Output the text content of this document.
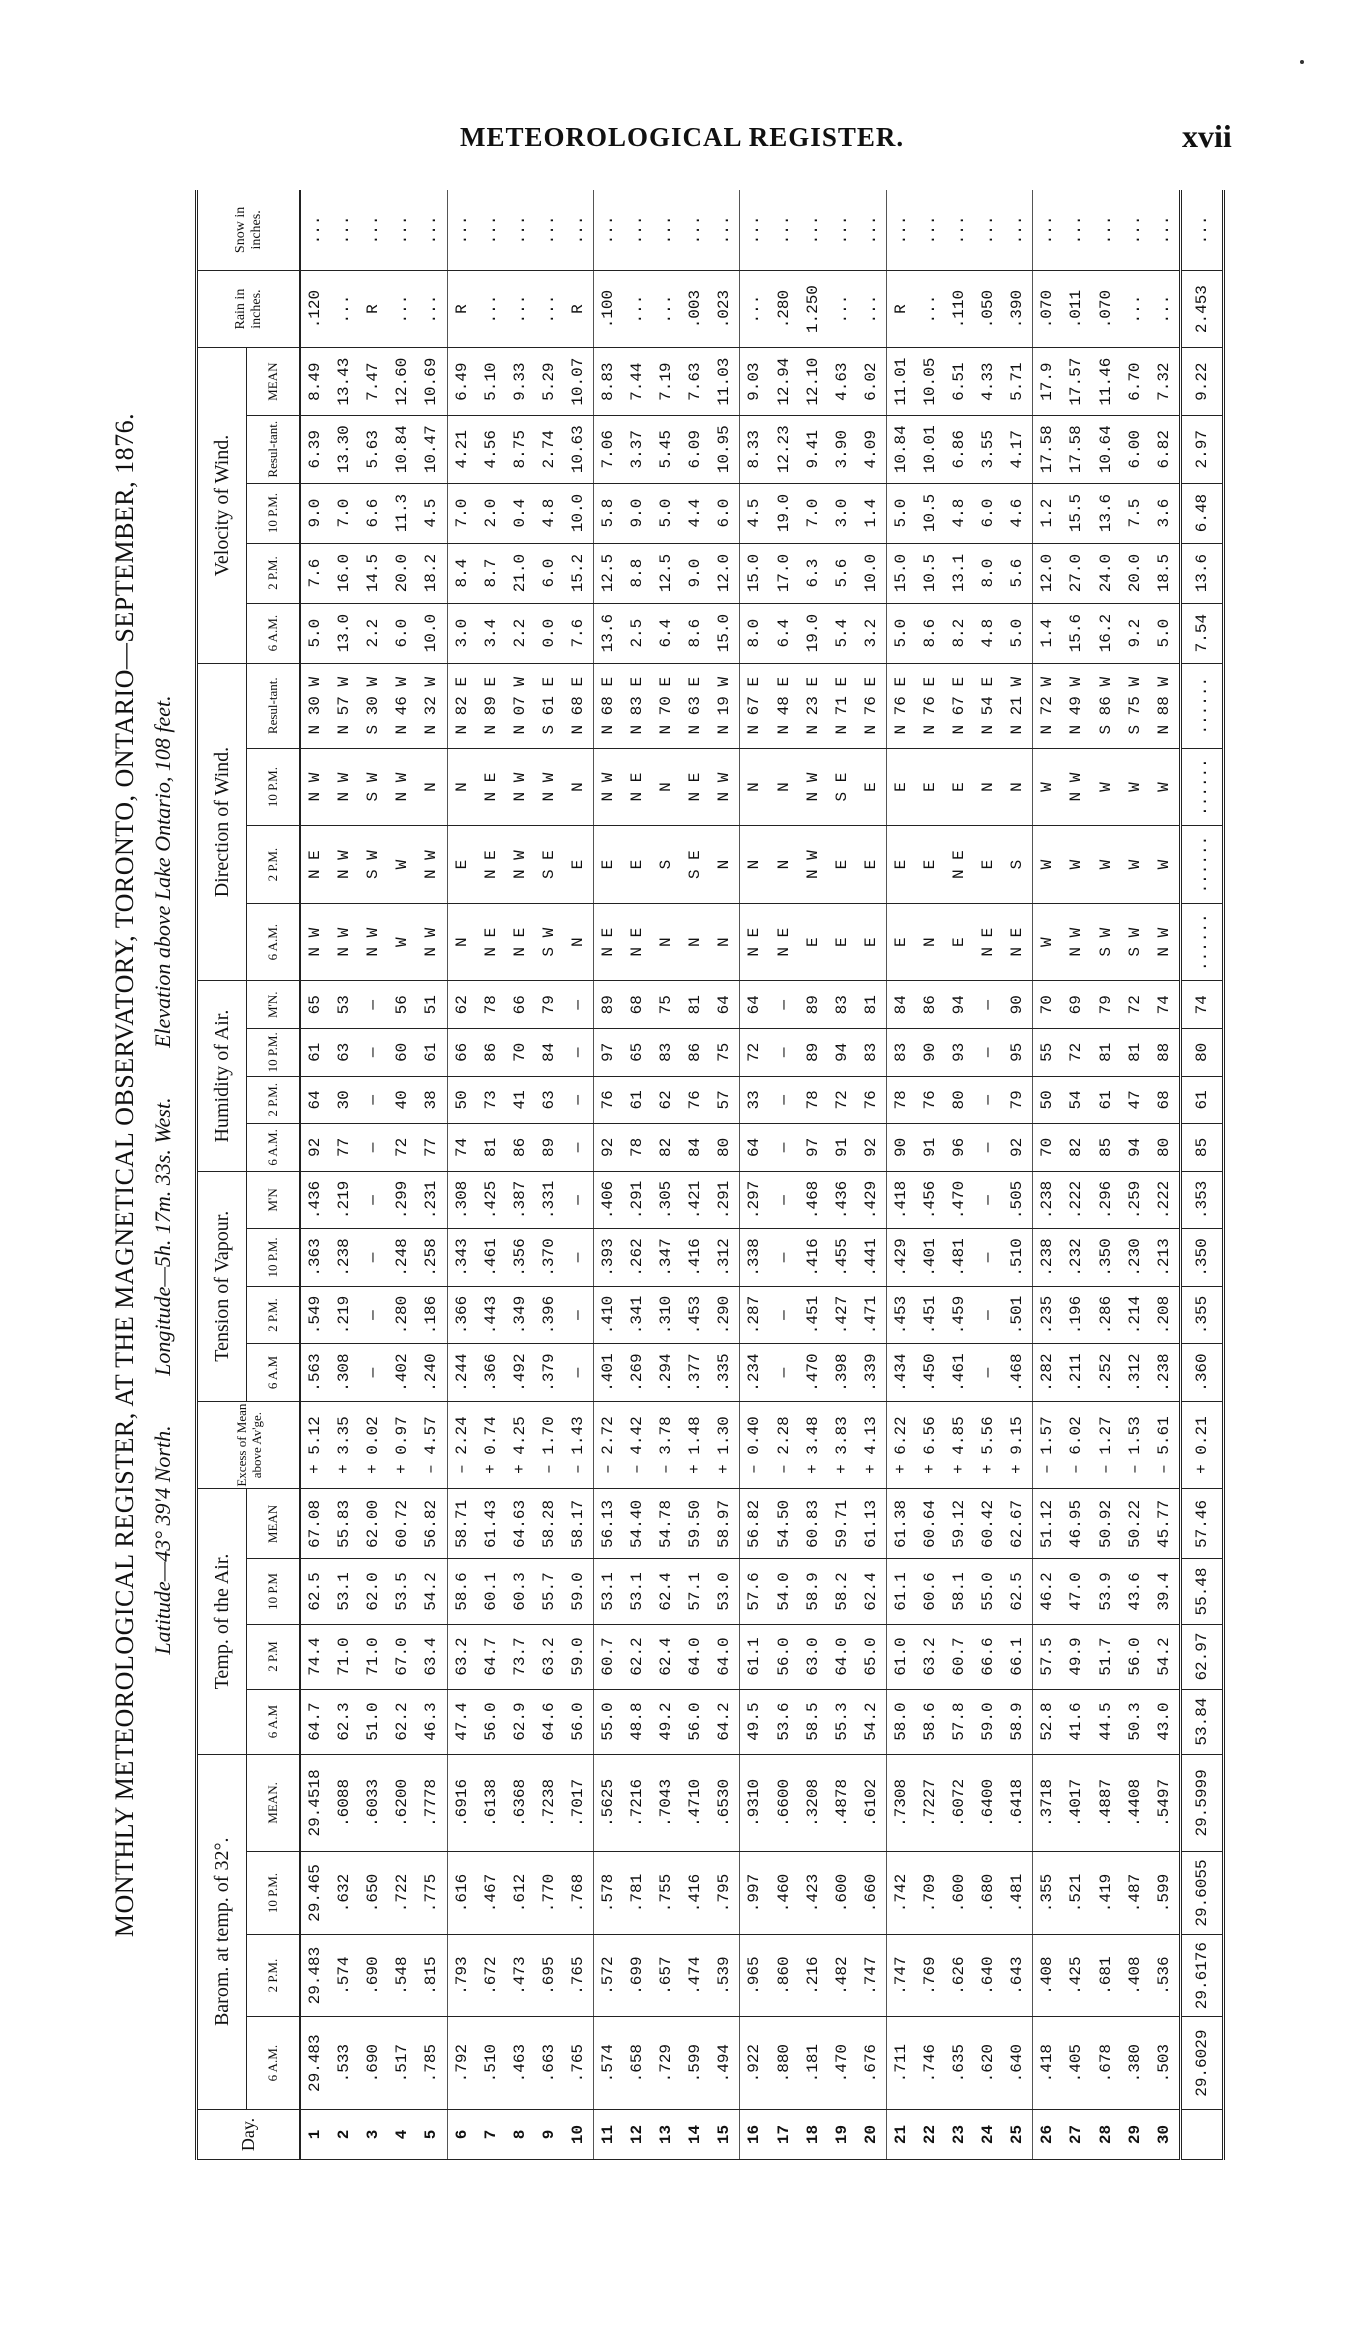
METEOROLOGICAL REGISTER.	xvii
MONTHLY METEOROLOGICAL REGISTER, AT THE MAGNETICAL OBSERVATORY, TORONTO, ONTARIO—SEPTEMBER, 1876. Latitude—43° 39'4 North. Longitude—5h. 17m. 33s. West. Elevation above Lake Ontario, 108 feet.
Day.	Barom. at temp. of 32°.				Temp. of the Air.				Excess of Mean above Av'ge.	Tension of Vapour.				Humidity of Air.				Direction of Wind.				Velocity of Wind.					Rain in inches.	Snow in inches.
	6 A.M.	2 P.M.	10 P.M.	MEAN.	6 A.M	2 P.M	10 P.M	MEAN		6 A.M	2 P.M.	10 P.M.	M'N	6 A.M.	2 P.M.	10 P.M.	M'N.	6 A.M.	2 P.M.	10 P.M.	Resul-tant.	6 A.M.	2 P.M.	10 P.M.	Resul-tant.	MEAN		
1	29.483	29.483	29.465	29.4518	64.7	74.4	62.5	67.08	+ 5.12	.563	.549	.363	.436	92	64	61	65	N W	N E	N W	N 30 W	5.0	7.6	9.0	6.39	8.49	.120	...
2	.533	.574	.632	.6088	62.3	71.0	53.1	55.83	+ 3.35	.308	.219	.238	.219	77	30	63	53	N W	N W	N W	N 57 W	13.0	16.0	7.0	13.30	13.43	...	...
3	.690	.690	.650	.6033	51.0	71.0	62.0	62.00	+ 0.02	—	—	—	—	—	—	—	—	N W	S W	S W	S 30 W	2.2	14.5	6.6	5.63	7.47	R	...
4	.517	.548	.722	.6200	62.2	67.0	53.5	60.72	+ 0.97	.402	.280	.248	.299	72	40	60	56	W	W	N W	N 46 W	6.0	20.0	11.3	10.84	12.60	...	...
5	.785	.815	.775	.7778	46.3	63.4	54.2	56.82	– 4.57	.240	.186	.258	.231	77	38	61	51	N W	N W	N	N 32 W	10.0	18.2	4.5	10.47	10.69	...	...
6	.792	.793	.616	.6916	47.4	63.2	58.6	58.71	– 2.24	.244	.366	.343	.308	74	50	66	62	N	E	N	N 82 E	3.0	8.4	7.0	4.21	6.49	R	...
7	.510	.672	.467	.6138	56.0	64.7	60.1	61.43	+ 0.74	.366	.443	.461	.425	81	73	86	78	N E	N E	N E	N 89 E	3.4	8.7	2.0	4.56	5.10	...	...
8	.463	.473	.612	.6368	62.9	73.7	60.3	64.63	+ 4.25	.492	.349	.356	.387	86	41	70	66	N E	N W	N W	N 07 W	2.2	21.0	0.4	8.75	9.33	...	...
9	.663	.695	.770	.7238	64.6	63.2	55.7	58.28	– 1.70	.379	.396	.370	.331	89	63	84	79	S W	S E	N W	S 61 E	0.0	6.0	4.8	2.74	5.29	...	...
10	.765	.765	.768	.7017	56.0	59.0	59.0	58.17	– 1.43	—	—	—	—	—	—	—	—	N	E	N	N 68 E	7.6	15.2	10.0	10.63	10.07	R	...
11	.574	.572	.578	.5625	55.0	60.7	53.1	56.13	– 2.72	.401	.410	.393	.406	92	76	97	89	N E	E	N W	N 68 E	13.6	12.5	5.8	7.06	8.83	.100	...
12	.658	.699	.781	.7216	48.8	62.2	53.1	54.40	– 4.42	.269	.341	.262	.291	78	61	65	68	N E	E	N E	N 83 E	2.5	8.8	9.0	3.37	7.44	...	...
13	.729	.657	.755	.7043	49.2	62.4	62.4	54.78	– 3.78	.294	.310	.347	.305	82	62	83	75	N	S	N	N 70 E	6.4	12.5	5.0	5.45	7.19	...	...
14	.599	.474	.416	.4710	56.0	64.0	57.1	59.50	+ 1.48	.377	.453	.416	.421	84	76	86	81	N	S E	N E	N 63 E	8.6	9.0	4.4	6.09	7.63	.003	...
15	.494	.539	.795	.6530	64.2	64.0	53.0	58.97	+ 1.30	.335	.290	.312	.291	80	57	75	64	N	N	N W	N 19 W	15.0	12.0	6.0	10.95	11.03	.023	...
16	.922	.965	.997	.9310	49.5	61.1	57.6	56.82	– 0.40	.234	.287	.338	.297	64	33	72	64	N E	N	N	N 67 E	8.0	15.0	4.5	8.33	9.03	...	...
17	.880	.860	.460	.6600	53.6	56.0	54.0	54.50	– 2.28	—	—	—	—	—	—	—	—	N E	N	N	N 48 E	6.4	17.0	19.0	12.23	12.94	.280	...
18	.181	.216	.423	.3208	58.5	63.0	58.9	60.83	+ 3.48	.470	.451	.416	.468	97	78	89	89	E	N W	N W	N 23 E	19.0	6.3	7.0	9.41	12.10	1.250	...
19	.470	.482	.600	.4878	55.3	64.0	58.2	59.71	+ 3.83	.398	.427	.455	.436	91	72	94	83	E	E	S E	N 71 E	5.4	5.6	3.0	3.90	4.63	...	...
20	.676	.747	.660	.6102	54.2	65.0	62.4	61.13	+ 4.13	.339	.471	.441	.429	92	76	83	81	E	E	E	N 76 E	3.2	10.0	1.4	4.09	6.02	...	...
21	.711	.747	.742	.7308	58.0	61.0	61.1	61.38	+ 6.22	.434	.453	.429	.418	90	78	83	84	E	E	E	N 76 E	5.0	15.0	5.0	10.84	11.01	R	...
22	.746	.769	.709	.7227	58.6	63.2	60.6	60.64	+ 6.56	.450	.451	.401	.456	91	76	90	86	N	E	E	N 76 E	8.6	10.5	10.5	10.01	10.05	...	...
23	.635	.626	.600	.6072	57.8	60.7	58.1	59.12	+ 4.85	.461	.459	.481	.470	96	80	93	94	E	N E	E	N 67 E	8.2	13.1	4.8	6.86	6.51	.110	...
24	.620	.640	.680	.6400	59.0	66.6	55.0	60.42	+ 5.56	—	—	—	—	—	—	—	—	N E	E	N	N 54 E	4.8	8.0	6.0	3.55	4.33	.050	...
25	.640	.643	.481	.6418	58.9	66.1	62.5	62.67	+ 9.15	.468	.501	.510	.505	92	79	95	90	N E	S	N	N 21 W	5.0	5.6	4.6	4.17	5.71	.390	...
26	.418	.408	.355	.3718	52.8	57.5	46.2	51.12	– 1.57	.282	.235	.238	.238	70	50	55	70	W	W	W	N 72 W	1.4	12.0	1.2	17.58	17.9	.070	...
27	.405	.425	.521	.4017	41.6	49.9	47.0	46.95	– 6.02	.211	.196	.232	.222	82	54	72	69	N W	W	N W	N 49 W	15.6	27.0	15.5	17.58	17.57	.011	...
28	.678	.681	.419	.4887	44.5	51.7	53.9	50.92	– 1.27	.252	.286	.350	.296	85	61	81	79	S W	W	W	S 86 W	16.2	24.0	13.6	10.64	11.46	.070	...
29	.380	.408	.487	.4408	50.3	56.0	43.6	50.22	– 1.53	.312	.214	.230	.259	94	47	81	72	S W	W	W	S 75 W	9.2	20.0	7.5	6.00	6.70	...	...
30	.503	.536	.599	.5497	43.0	54.2	39.4	45.77	– 5.61	.238	.208	.213	.222	80	68	88	74	N W	W	W	N 88 W	5.0	18.5	3.6	6.82	7.32	...	...
	29.6029	29.6176	29.6055	29.5999	53.84	62.97	55.48	57.46	+ 0.21	.360	.355	.350	.353	85	61	80	74	......	......	......	......	7.54	13.6	6.48	2.97	9.22	2.453	...
